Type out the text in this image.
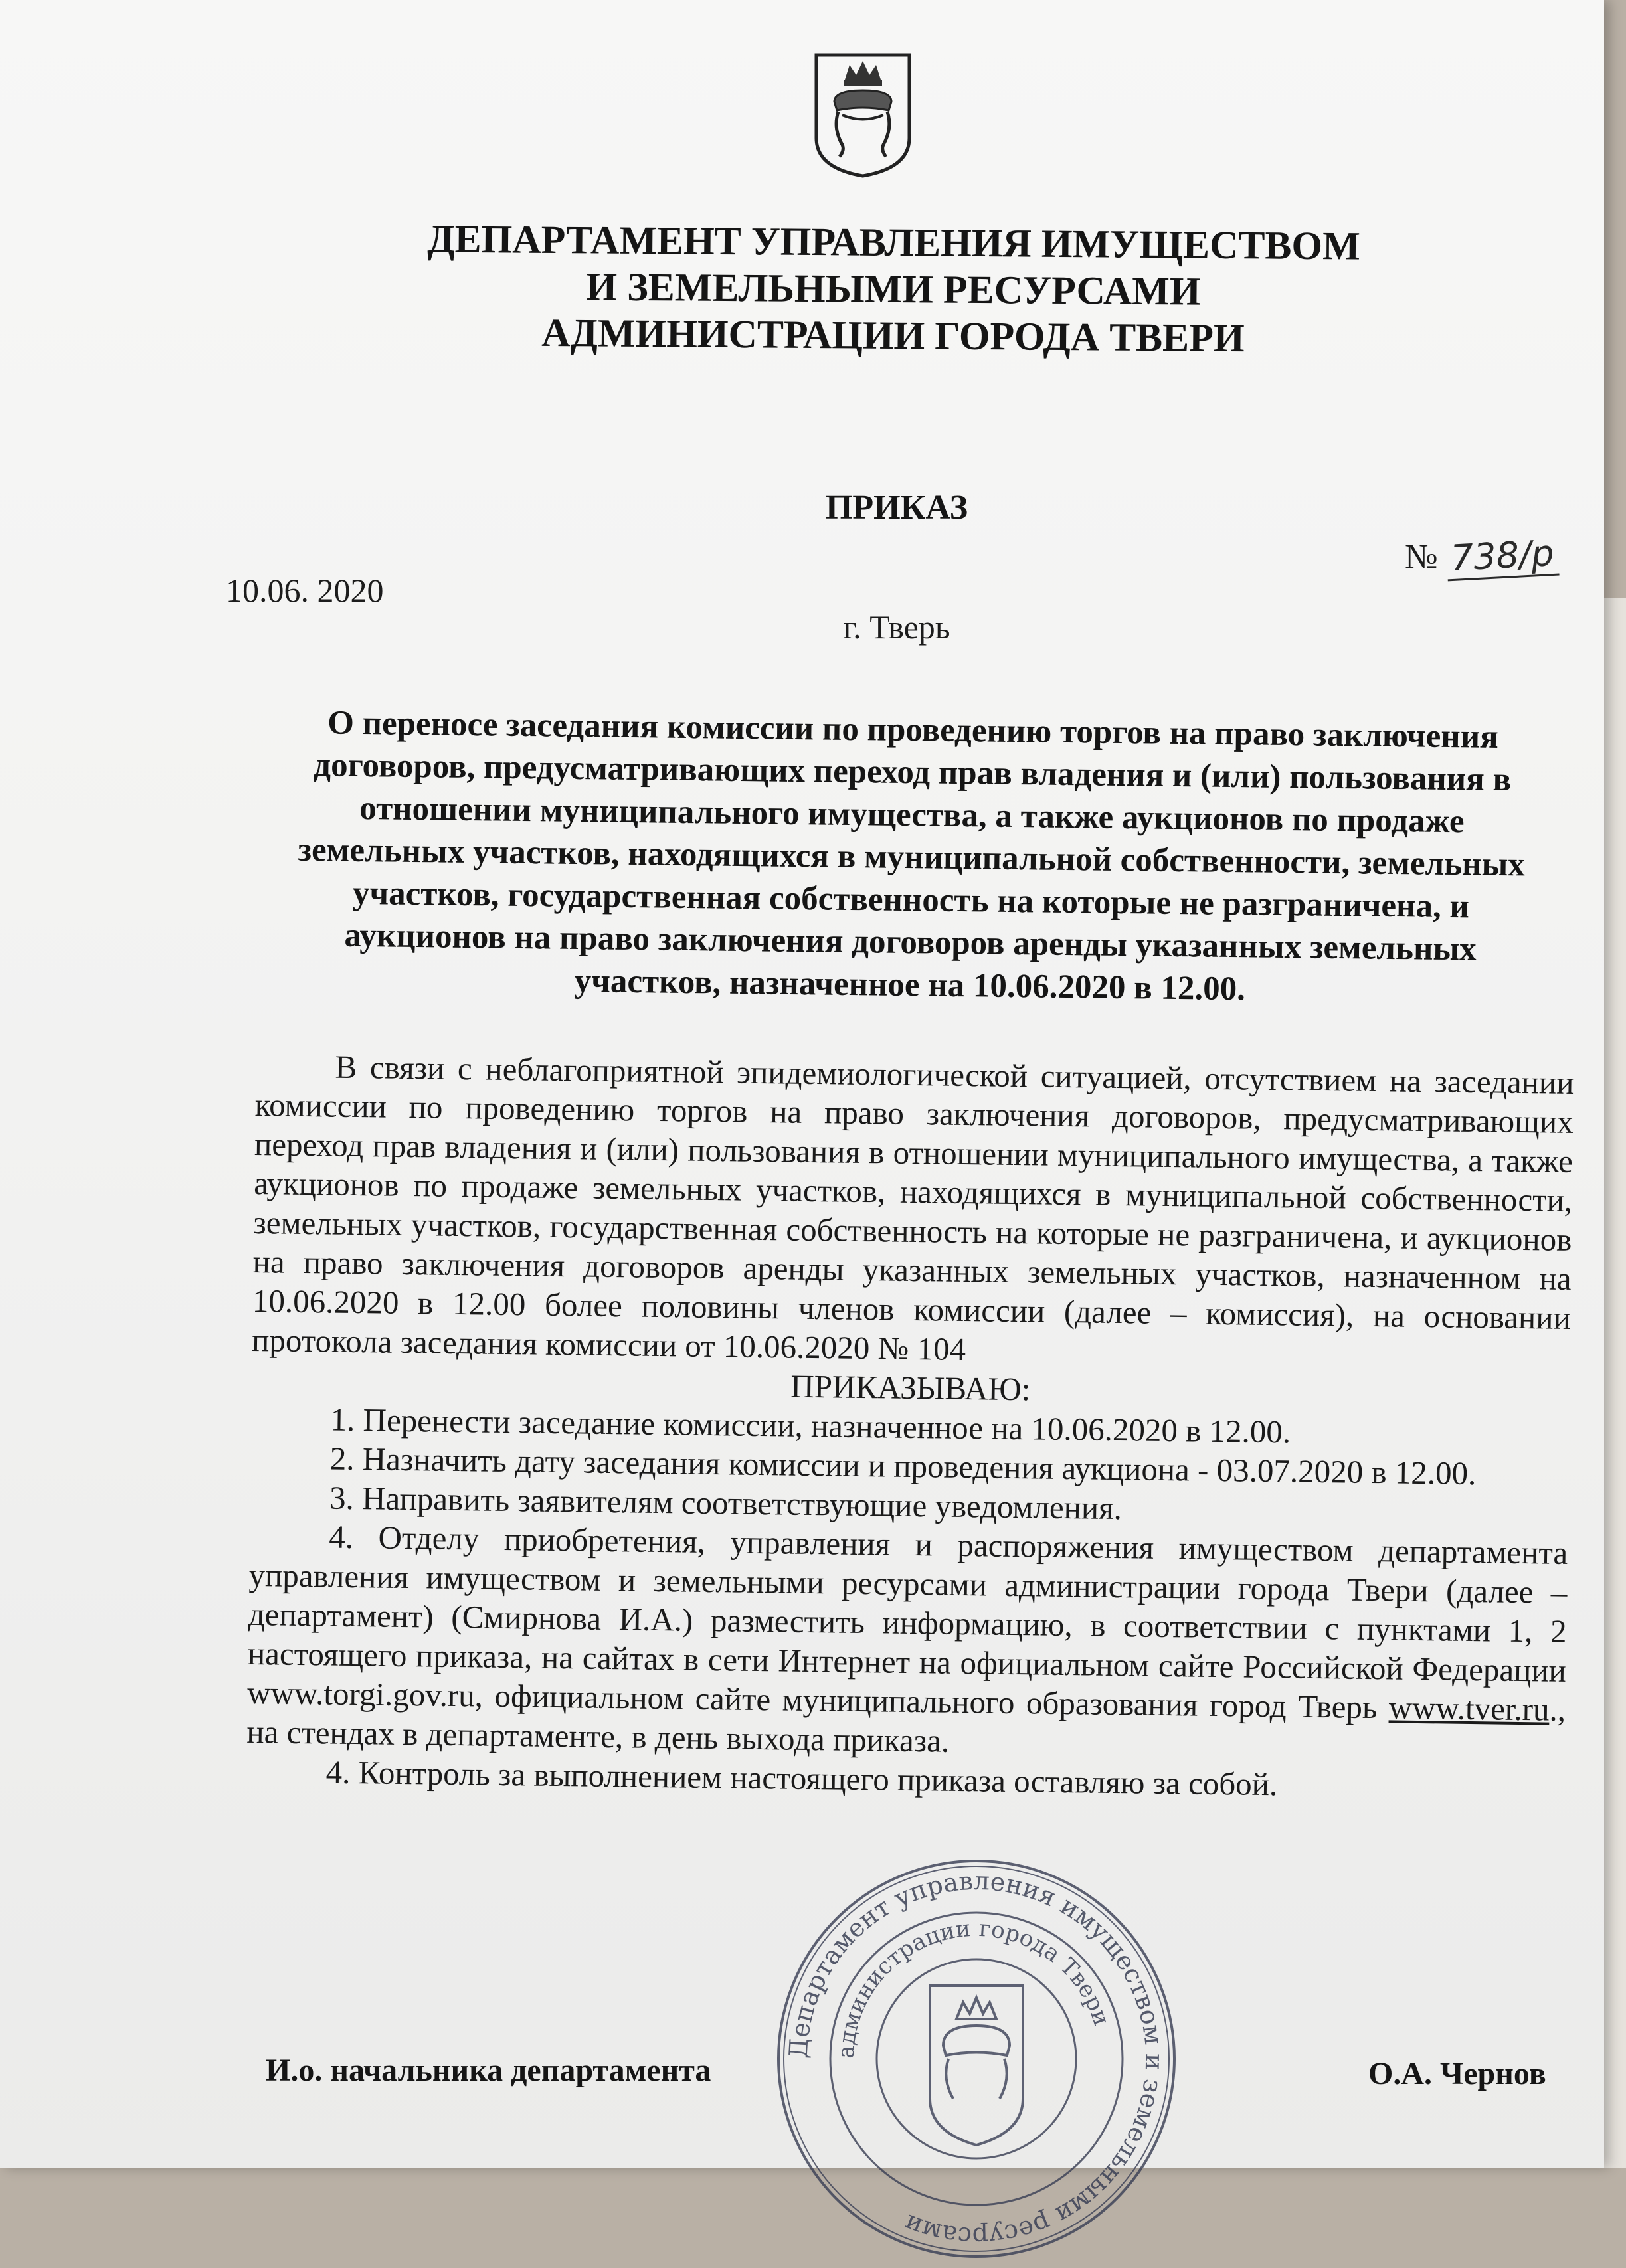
ДЕПАРТАМЕНТ УПРАВЛЕНИЯ ИМУЩЕСТВОМ
И ЗЕМЕЛЬНЫМИ РЕСУРСАМИ
АДМИНИСТРАЦИИ ГОРОДА ТВЕРИ
ПРИКАЗ
10.06. 2020
№ 738/р
г. Тверь
О переносе заседания комиссии по проведению торгов на право заключения
договоров, предусматривающих переход прав владения и (или) пользования в
отношении муниципального имущества, а также аукционов по продаже
земельных участков, находящихся в муниципальной собственности, земельных
участков, государственная собственность на которые не разграничена, и
аукционов на право заключения договоров аренды указанных земельных
участков, назначенное на 10.06.2020 в 12.00.

В связи с неблагоприятной эпидемиологической ситуацией, отсутствием на заседании комиссии по проведению торгов на право заключения договоров, предусматривающих переход прав владения и (или) пользования в отношении муниципального имущества, а также аукционов по продаже земельных участков, находящихся в муниципальной собственности, земельных участков, государственная собственность на которые не разграничена, и аукционов на право заключения договоров аренды указанных земельных участков, назначенном на 10.06.2020 в 12.00 более половины членов комиссии (далее – комиссия), на основании протокола заседания комиссии от 10.06.2020 № 104

ПРИКАЗЫВАЮ:

1. Перенести заседание комиссии, назначенное на 10.06.2020 в 12.00.

2. Назначить дату заседания комиссии и проведения аукциона - 03.07.2020 в 12.00.

3. Направить заявителям соответствующие уведомления.

4. Отделу приобретения, управления и распоряжения имуществом департамента управления имуществом и земельными ресурсами администрации города Твери (далее – департамент) (Смирнова И.А.) разместить информацию, в соответствии с пунктами 1, 2 настоящего приказа, на сайтах в сети Интернет на официальном сайте Российской Федерации www.torgi.gov.ru, официальном сайте муниципального образования город Тверь www.tver.ru., на стендах в департаменте, в день выхода приказа.

4. Контроль за выполнением настоящего приказа оставляю за собой.

Департамент управления имуществом и земельными ресурсами
администрации города Твери
И.о. начальника департамента	О.А. Чернов
